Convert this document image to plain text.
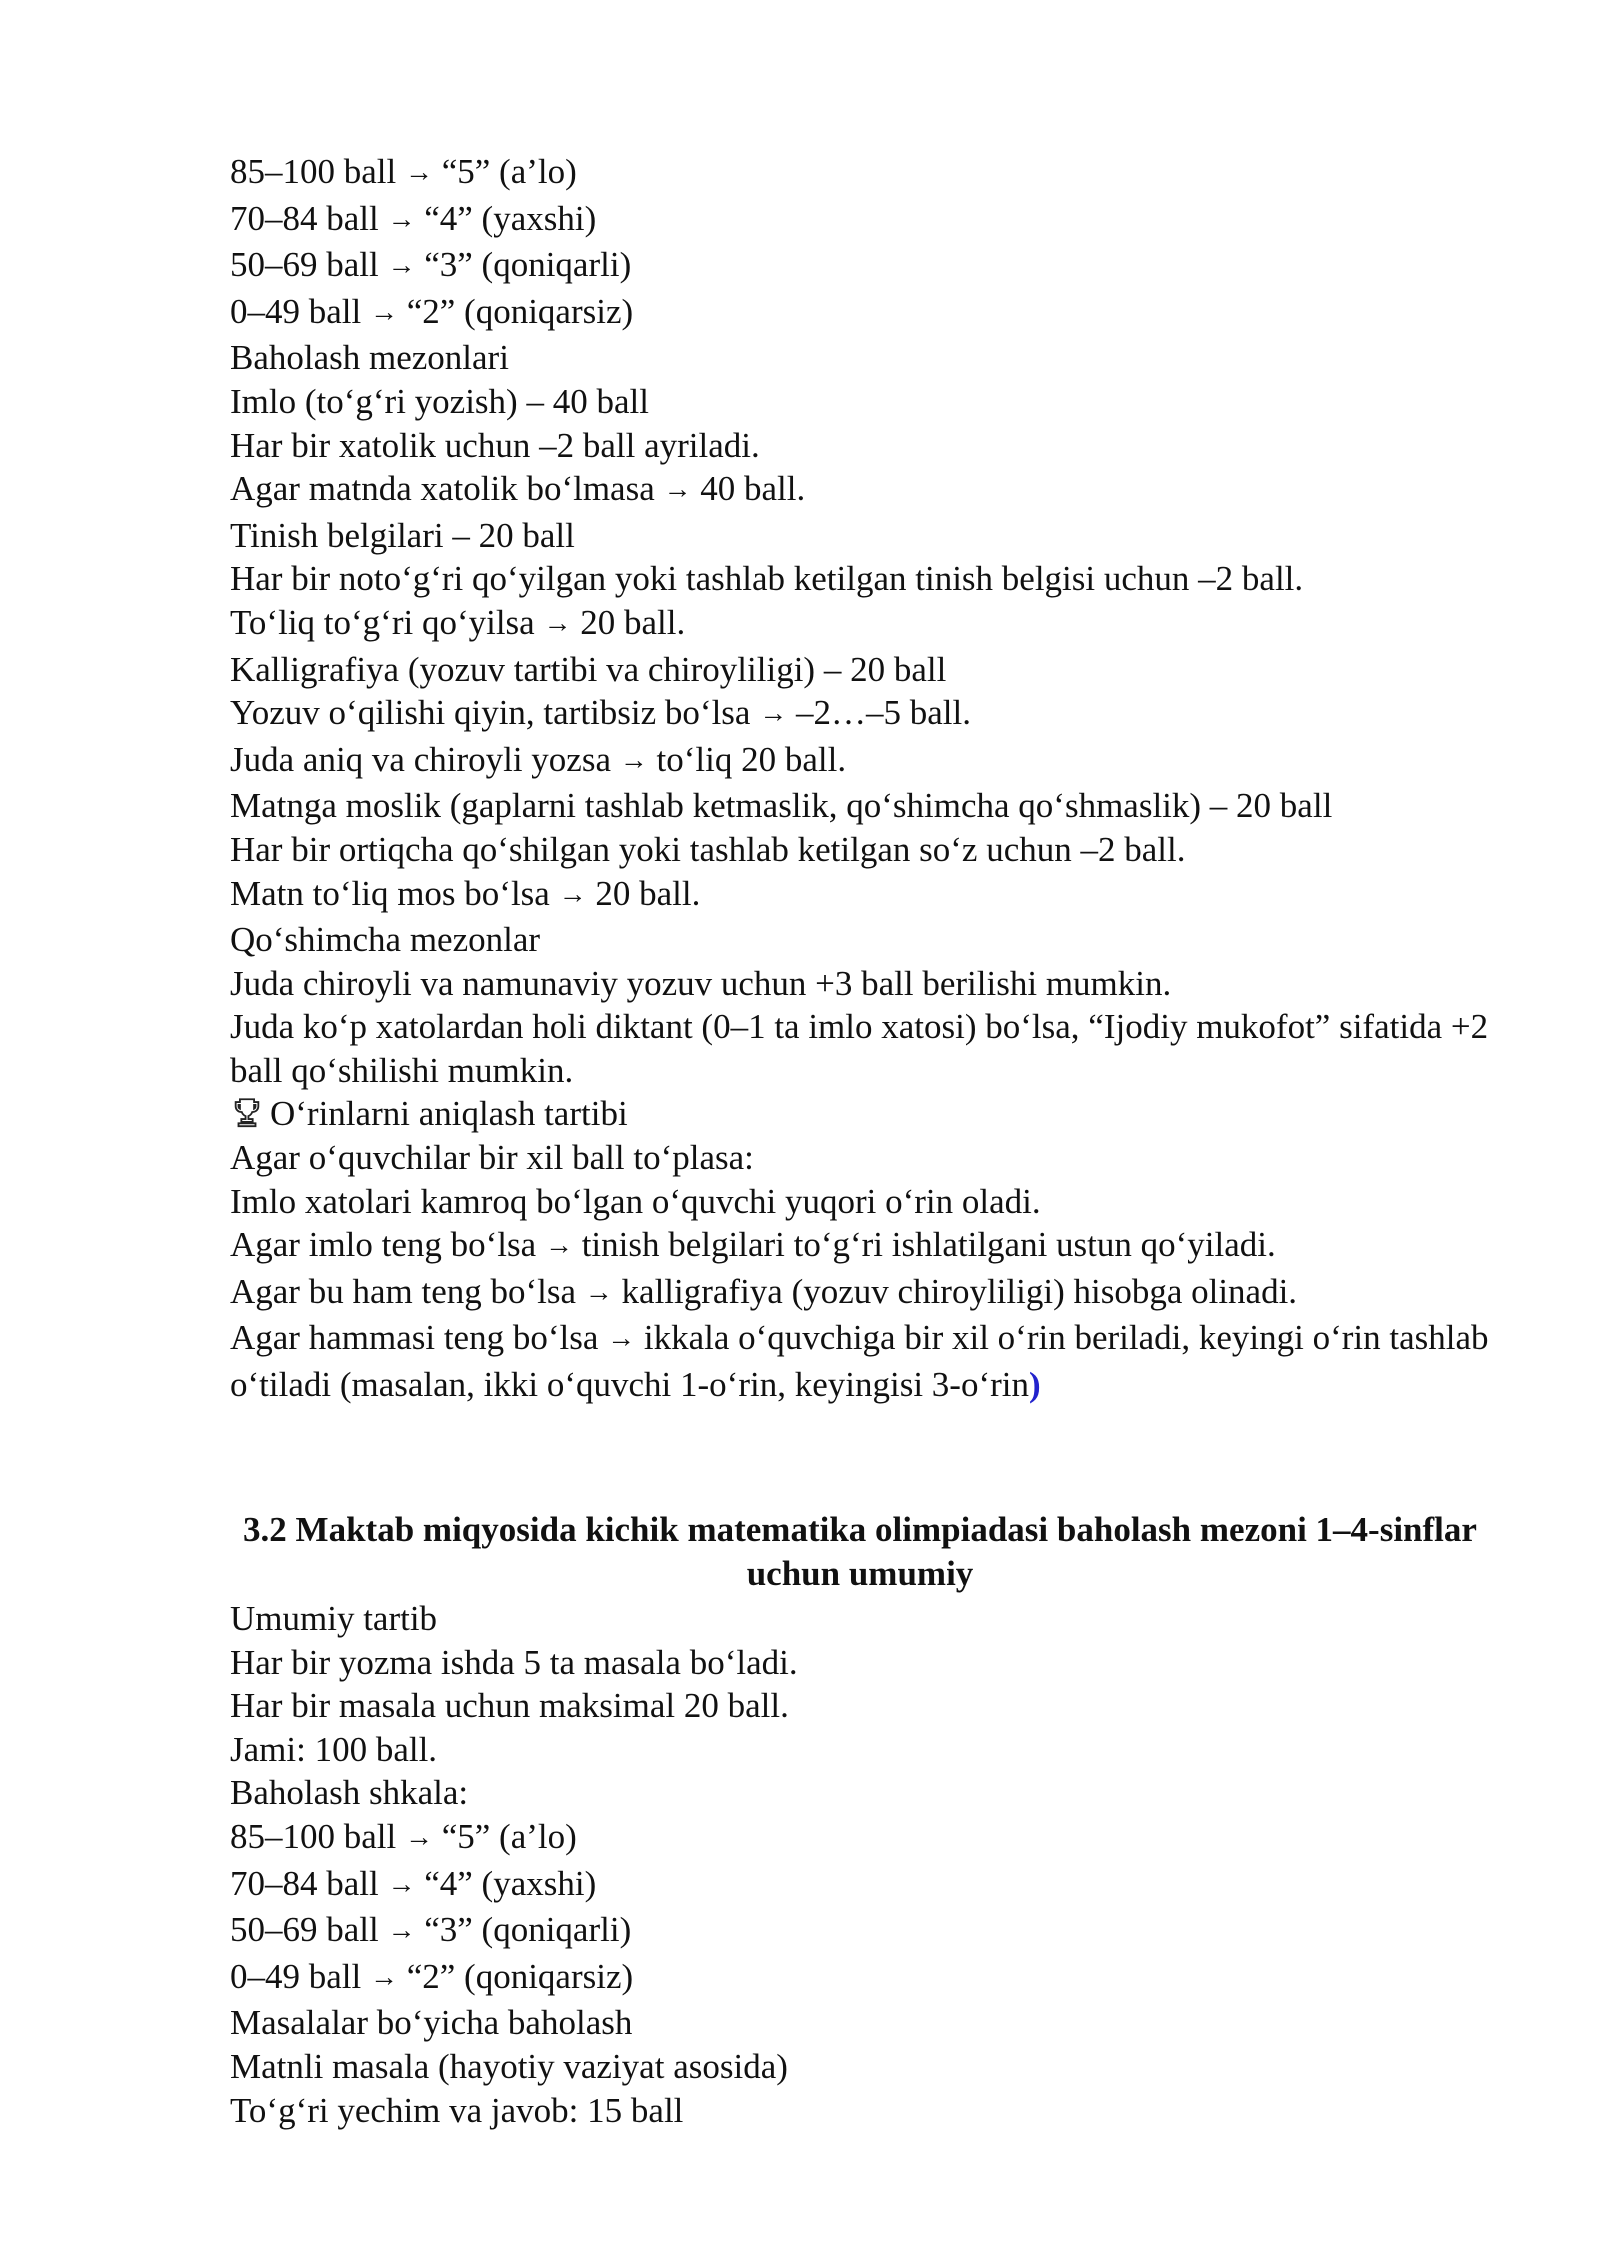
85–100 ball → “5” (a’lo)
70–84 ball → “4” (yaxshi)
50–69 ball → “3” (qoniqarli)
0–49 ball → “2” (qoniqarsiz)
Baholash mezonlari
Imlo (to‘g‘ri yozish) – 40 ball
Har bir xatolik uchun –2 ball ayriladi.
Agar matnda xatolik bo‘lmasa → 40 ball.
Tinish belgilari – 20 ball
Har bir noto‘g‘ri qo‘yilgan yoki tashlab ketilgan tinish belgisi uchun –2 ball.
To‘liq to‘g‘ri qo‘yilsa → 20 ball.
Kalligrafiya (yozuv tartibi va chiroyliligi) – 20 ball
Yozuv o‘qilishi qiyin, tartibsiz bo‘lsa → –2…–5 ball.
Juda aniq va chiroyli yozsa → to‘liq 20 ball.
Matnga moslik (gaplarni tashlab ketmaslik, qo‘shimcha qo‘shmaslik) – 20 ball
Har bir ortiqcha qo‘shilgan yoki tashlab ketilgan so‘z uchun –2 ball.
Matn to‘liq mos bo‘lsa → 20 ball.
Qo‘shimcha mezonlar
Juda chiroyli va namunaviy yozuv uchun +3 ball berilishi mumkin.
Juda ko‘p xatolardan holi diktant (0–1 ta imlo xatosi) bo‘lsa, “Ijodiy mukofot” sifatida +2 ball qo‘shilishi mumkin.
O‘rinlarni aniqlash tartibi
Agar o‘quvchilar bir xil ball to‘plasa:
Imlo xatolari kamroq bo‘lgan o‘quvchi yuqori o‘rin oladi.
Agar imlo teng bo‘lsa → tinish belgilari to‘g‘ri ishlatilgani ustun qo‘yiladi.
Agar bu ham teng bo‘lsa → kalligrafiya (yozuv chiroyliligi) hisobga olinadi.
Agar hammasi teng bo‘lsa → ikkala o‘quvchiga bir xil o‘rin beriladi, keyingi o‘rin tashlab o‘tiladi (masalan, ikki o‘quvchi 1-o‘rin, keyingisi 3-o‘rin)
3.2 Maktab miqyosida kichik matematika olimpiadasi baholash mezoni 1–4-sinflar uchun umumiy
Umumiy tartib
Har bir yozma ishda 5 ta masala bo‘ladi.
Har bir masala uchun maksimal 20 ball.
Jami: 100 ball.
Baholash shkala:
85–100 ball → “5” (a’lo)
70–84 ball → “4” (yaxshi)
50–69 ball → “3” (qoniqarli)
0–49 ball → “2” (qoniqarsiz)
Masalalar bo‘yicha baholash
Matnli masala (hayotiy vaziyat asosida)
To‘g‘ri yechim va javob: 15 ball
